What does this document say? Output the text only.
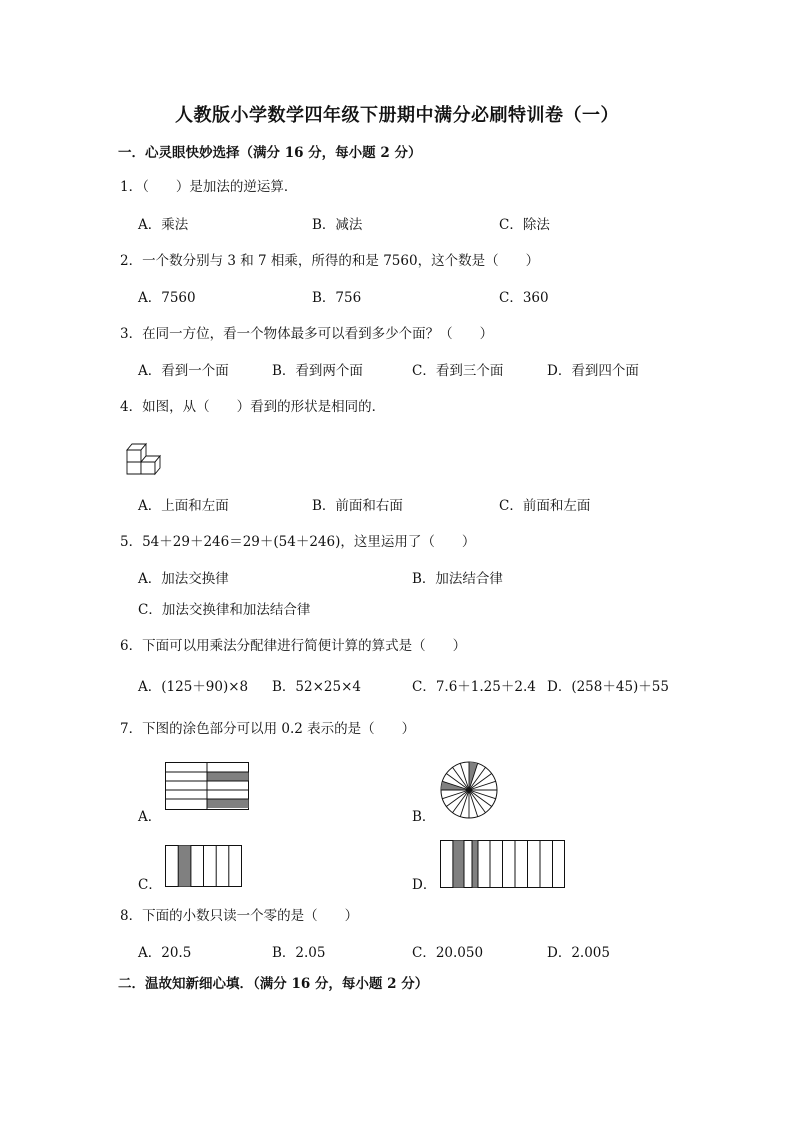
人教版小学数学四年级下册期中满分必刷特训卷（一）
一．心灵眼快妙选择（满分 16 分，每小题 2 分）
1．（　　）是加法的逆运算．
A．乘法	B．减法	C．除法
2．一个数分别与 3 和 7 相乘，所得的和是 7560，这个数是（　　）
A．7560	B．756	C．360
3．在同一方位，看一个物体最多可以看到多少个面？（　　）
A．看到一个面	B．看到两个面	C．看到三个面	D．看到四个面
4．如图，从（　　）看到的形状是相同的．
A．上面和左面	B．前面和右面	C．前面和左面
5．54＋29＋246＝29＋(54＋246)，这里运用了（　　）
A．加法交换律	B．加法结合律
C．加法交换律和加法结合律
6．下面可以用乘法分配律进行简便计算的算式是（　　）
A．(125＋90)×8 B．52×25×4	C．7.6＋1.25＋2.4 D．(258＋45)＋55
7．下图的涂色部分可以用 0.2 表示的是（　　）
A．	B．
C．	D．
8．下面的小数只读一个零的是（　　）
A．20.5	B．2.05	C．20.050	D．2.005
二．温故知新细心填．（满分 16 分，每小题 2 分）
